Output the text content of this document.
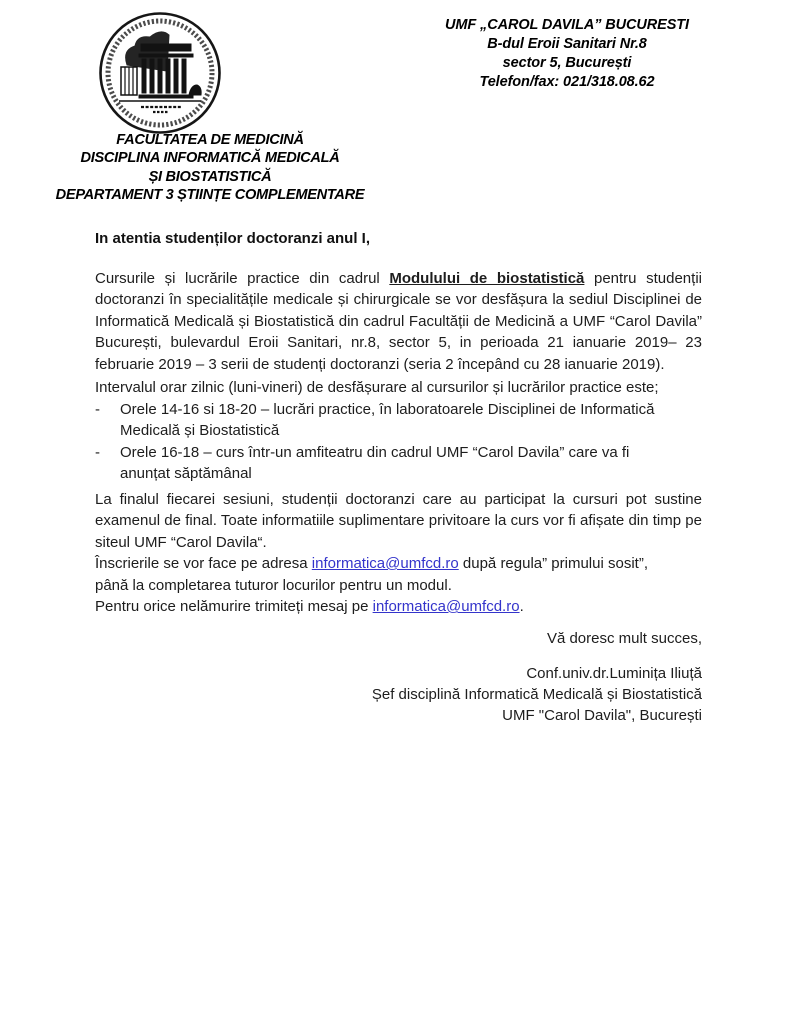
UMF „CAROL DAVILA” BUCURESTI
B-dul Eroii Sanitari Nr.8
sector 5, București
Telefon/fax: 021/318.08.62
FACULTATEA DE MEDICINĂ
DISCIPLINA INFORMATICĂ MEDICALĂ
ȘI BIOSTATISTICĂ
DEPARTAMENT 3 ȘTIINȚE COMPLEMENTARE

In atentia studenților doctoranzi anul I,

Cursurile și lucrările practice din cadrul Modulului de biostatistică pentru studenții doctoranzi în specialitățile medicale și chirurgicale se vor desfășura la sediul Disciplinei de Informatică Medicală și Biostatistică din cadrul Facultății de Medicină a UMF “Carol Davila” București, bulevardul Eroii Sanitari, nr.8, sector 5, in perioada 21 ianuarie 2019– 23 februarie 2019 – 3 serii de studenți doctoranzi (seria 2 începând cu 28 ianuarie 2019).

Intervalul orar zilnic (luni-vineri) de desfășurare al cursurilor și lucrărilor practice este;

-	Orele 14-16 si 18-20 – lucrări practice, în laboratoarele Disciplinei de Informatică
Medicală și Biostatistică
-	Orele 16-18 – curs într-un amfiteatru din cadrul UMF “Carol Davila” care va fi
anunțat săptămânal

La finalul fiecarei sesiuni, studenții doctoranzi care au participat la cursuri pot sustine examenul de final. Toate informatiile suplimentare privitoare la curs vor fi afișate din timp pe siteul UMF “Carol Davila“.

Înscrierile se vor face pe adresa informatica@umfcd.ro după regula” primului sosit”,
până la completarea tuturor locurilor pentru un modul.
Pentru orice nelămurire trimiteți mesaj pe informatica@umfcd.ro.

Vă doresc mult succes,

Conf.univ.dr.Luminița Iliuță
Șef disciplină Informatică Medicală și Biostatistică
UMF "Carol Davila", București
